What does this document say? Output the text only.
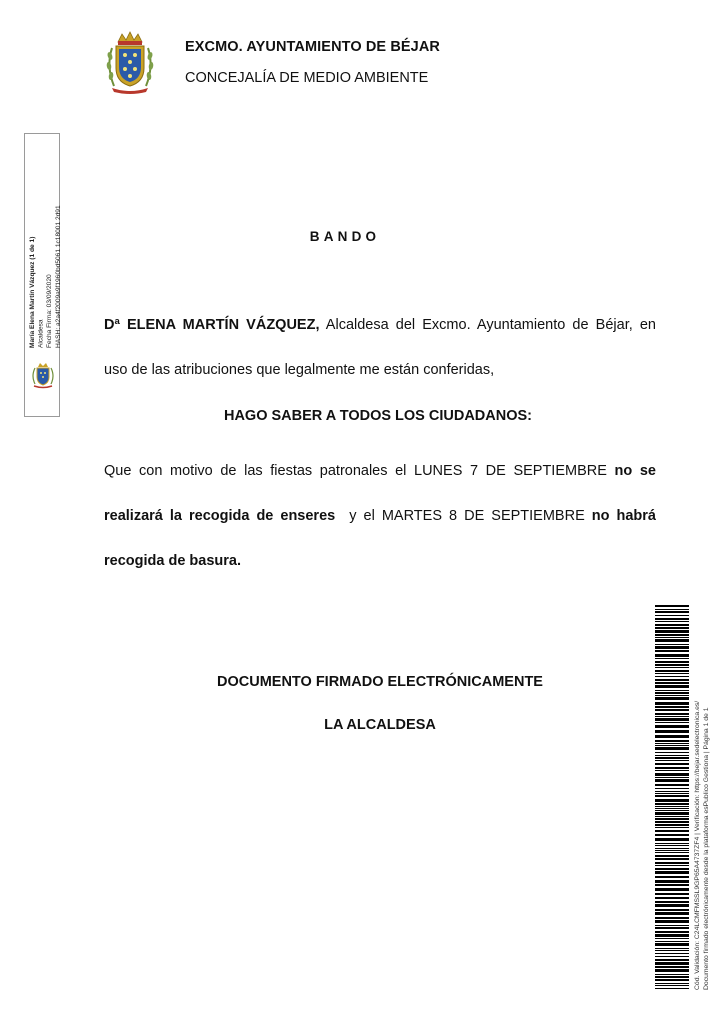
EXCMO. AYUNTAMIENTO DE BÉJAR
CONCEJALÍA DE MEDIO AMBIENTE
María Elena Martín Vázquez (1 de 1) Alcaldesa Fecha Firma: 03/09/2020 HASH: a2a4f2009a9f1960bd5061 1c18001 2d91	BANDO
Dª ELENA MARTÍN VÁZQUEZ, Alcaldesa del Excmo. Ayuntamiento de Béjar, en
uso de las atribuciones que legalmente me están conferidas,
HAGO SABER A TODOS LOS CIUDADANOS:
Que con motivo de las fiestas patronales el LUNES 7 DE SEPTIEMBRE no se
realizará la recogida de enseres  y el MARTES 8 DE SEPTIEMBRE no habrá
recogida de basura.
DOCUMENTO FIRMADO ELECTRÓNICAMENTE
LA ALCALDESA	Cód. Validación: C24LCMFMSSL9GP65A4737ZF4 | Verificación: https://bejar.sedelectronica.es/ Documento firmado electrónicamente desde la plataforma esPublico Gestiona | Página 1 de 1
